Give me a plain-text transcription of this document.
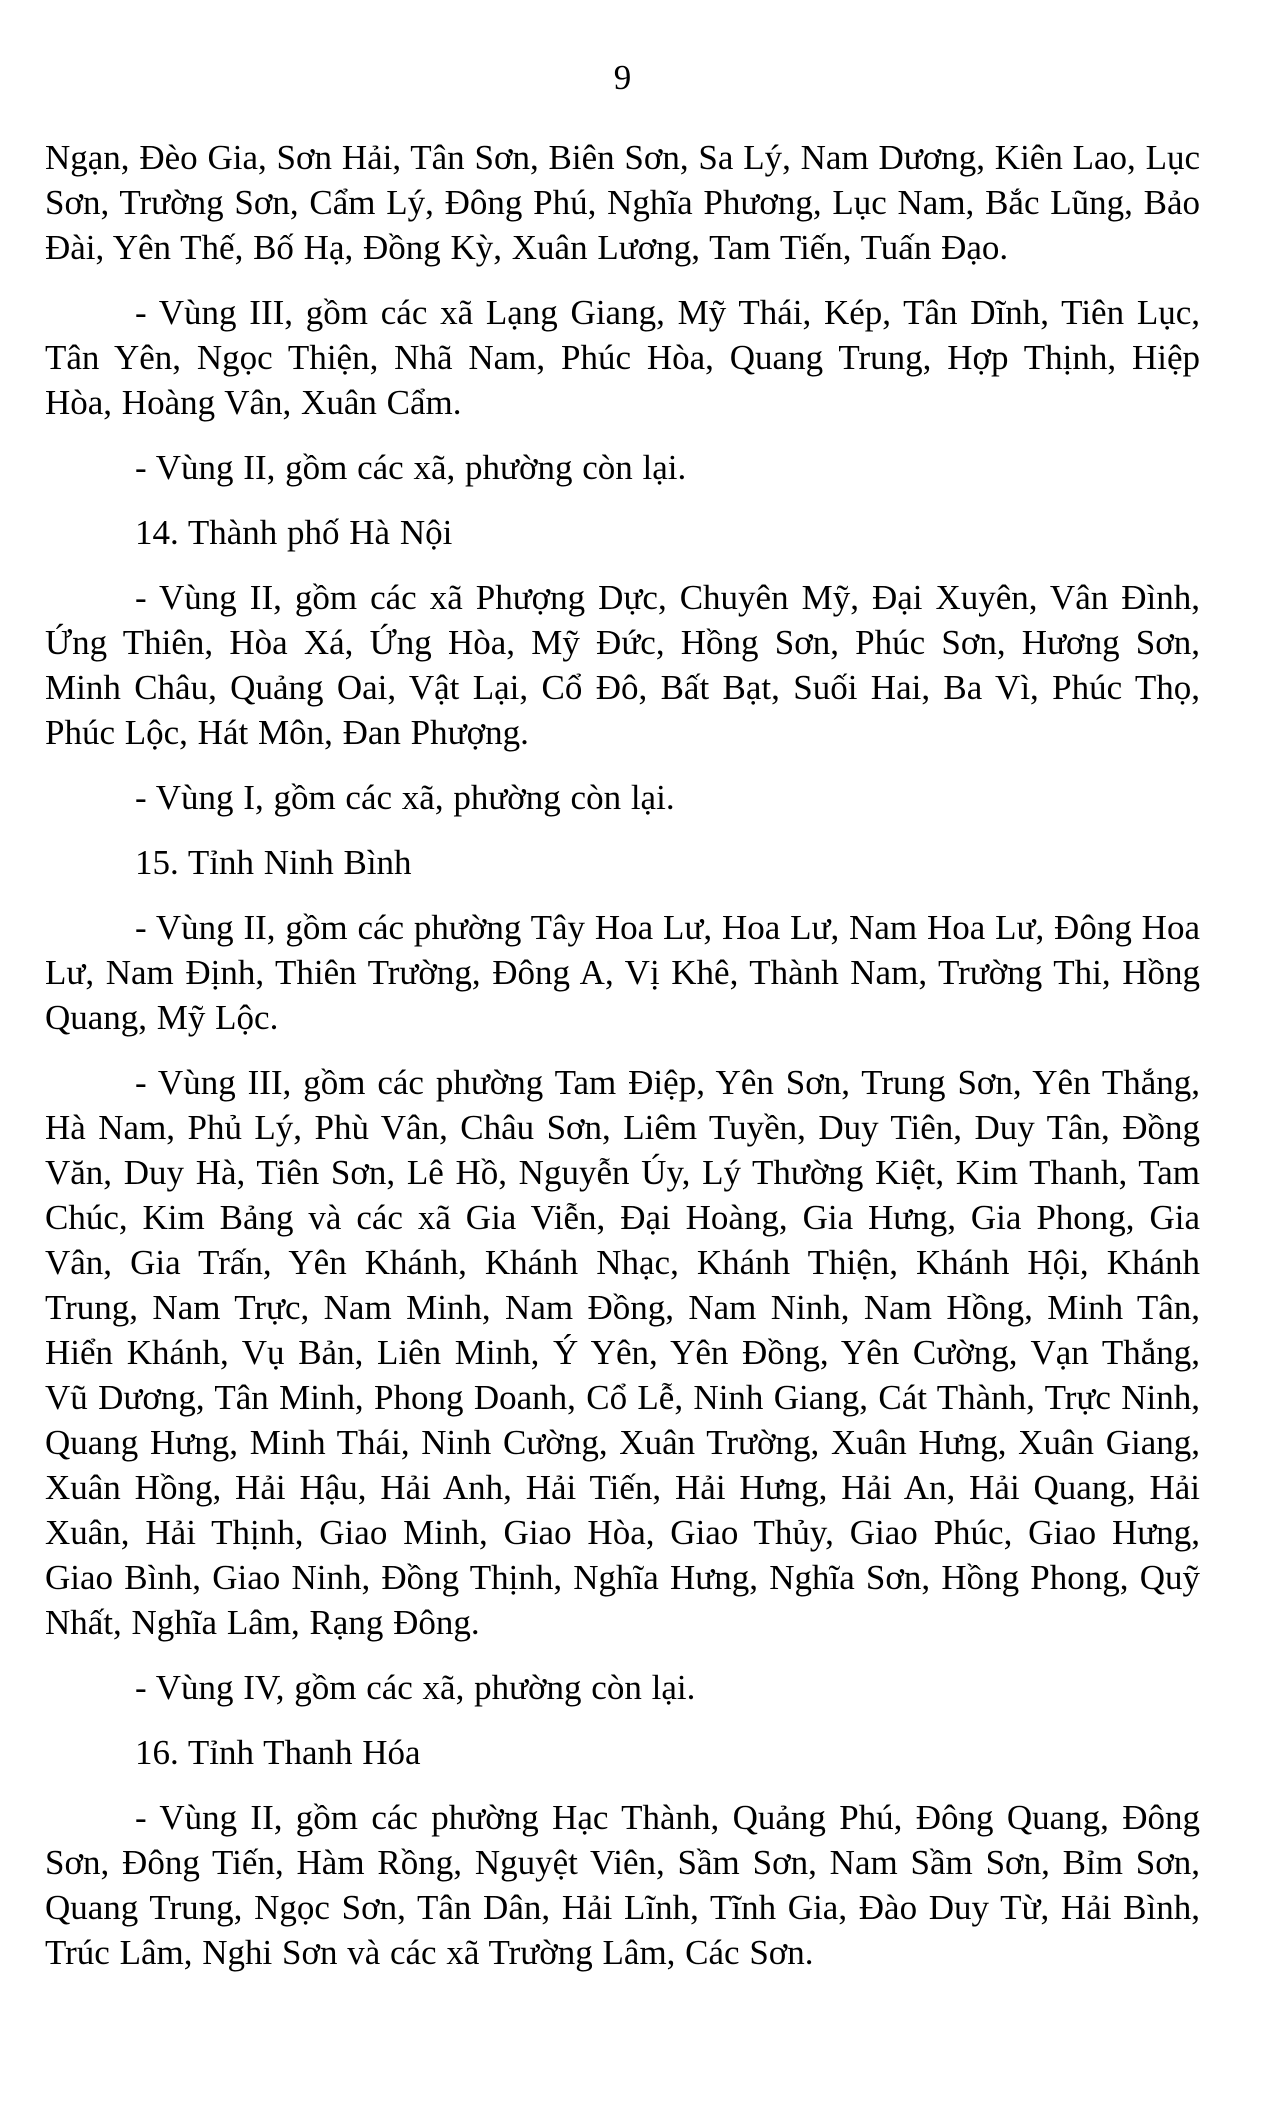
9

Ngạn, Đèo Gia, Sơn Hải, Tân Sơn, Biên Sơn, Sa Lý, Nam Dương, Kiên Lao, Lục Sơn, Trường Sơn, Cẩm Lý, Đông Phú, Nghĩa Phương, Lục Nam, Bắc Lũng, Bảo Đài, Yên Thế, Bố Hạ, Đồng Kỳ, Xuân Lương, Tam Tiến, Tuấn Đạo.

- Vùng III, gồm các xã Lạng Giang, Mỹ Thái, Kép, Tân Dĩnh, Tiên Lục, Tân Yên, Ngọc Thiện, Nhã Nam, Phúc Hòa, Quang Trung, Hợp Thịnh, Hiệp Hòa, Hoàng Vân, Xuân Cẩm.

- Vùng II, gồm các xã, phường còn lại.

14. Thành phố Hà Nội

- Vùng II, gồm các xã Phượng Dực, Chuyên Mỹ, Đại Xuyên, Vân Đình, Ứng Thiên, Hòa Xá, Ứng Hòa, Mỹ Đức, Hồng Sơn, Phúc Sơn, Hương Sơn, Minh Châu, Quảng Oai, Vật Lại, Cổ Đô, Bất Bạt, Suối Hai, Ba Vì, Phúc Thọ, Phúc Lộc, Hát Môn, Đan Phượng.

- Vùng I, gồm các xã, phường còn lại.

15. Tỉnh Ninh Bình

- Vùng II, gồm các phường Tây Hoa Lư, Hoa Lư, Nam Hoa Lư, Đông Hoa Lư, Nam Định, Thiên Trường, Đông A, Vị Khê, Thành Nam, Trường Thi, Hồng Quang, Mỹ Lộc.

- Vùng III, gồm các phường Tam Điệp, Yên Sơn, Trung Sơn, Yên Thắng, Hà Nam, Phủ Lý, Phù Vân, Châu Sơn, Liêm Tuyền, Duy Tiên, Duy Tân, Đồng Văn, Duy Hà, Tiên Sơn, Lê Hồ, Nguyễn Úy, Lý Thường Kiệt, Kim Thanh, Tam Chúc, Kim Bảng và các xã Gia Viễn, Đại Hoàng, Gia Hưng, Gia Phong, Gia Vân, Gia Trấn, Yên Khánh, Khánh Nhạc, Khánh Thiện, Khánh Hội, Khánh Trung, Nam Trực, Nam Minh, Nam Đồng, Nam Ninh, Nam Hồng, Minh Tân, Hiển Khánh, Vụ Bản, Liên Minh, Ý Yên, Yên Đồng, Yên Cường, Vạn Thắng, Vũ Dương, Tân Minh, Phong Doanh, Cổ Lễ, Ninh Giang, Cát Thành, Trực Ninh, Quang Hưng, Minh Thái, Ninh Cường, Xuân Trường, Xuân Hưng, Xuân Giang, Xuân Hồng, Hải Hậu, Hải Anh, Hải Tiến, Hải Hưng, Hải An, Hải Quang, Hải Xuân, Hải Thịnh, Giao Minh, Giao Hòa, Giao Thủy, Giao Phúc, Giao Hưng, Giao Bình, Giao Ninh, Đồng Thịnh, Nghĩa Hưng, Nghĩa Sơn, Hồng Phong, Quỹ Nhất, Nghĩa Lâm, Rạng Đông.

- Vùng IV, gồm các xã, phường còn lại.

16. Tỉnh Thanh Hóa

- Vùng II, gồm các phường Hạc Thành, Quảng Phú, Đông Quang, Đông Sơn, Đông Tiến, Hàm Rồng, Nguyệt Viên, Sầm Sơn, Nam Sầm Sơn, Bỉm Sơn, Quang Trung, Ngọc Sơn, Tân Dân, Hải Lĩnh, Tĩnh Gia, Đào Duy Từ, Hải Bình, Trúc Lâm, Nghi Sơn và các xã Trường Lâm, Các Sơn.
